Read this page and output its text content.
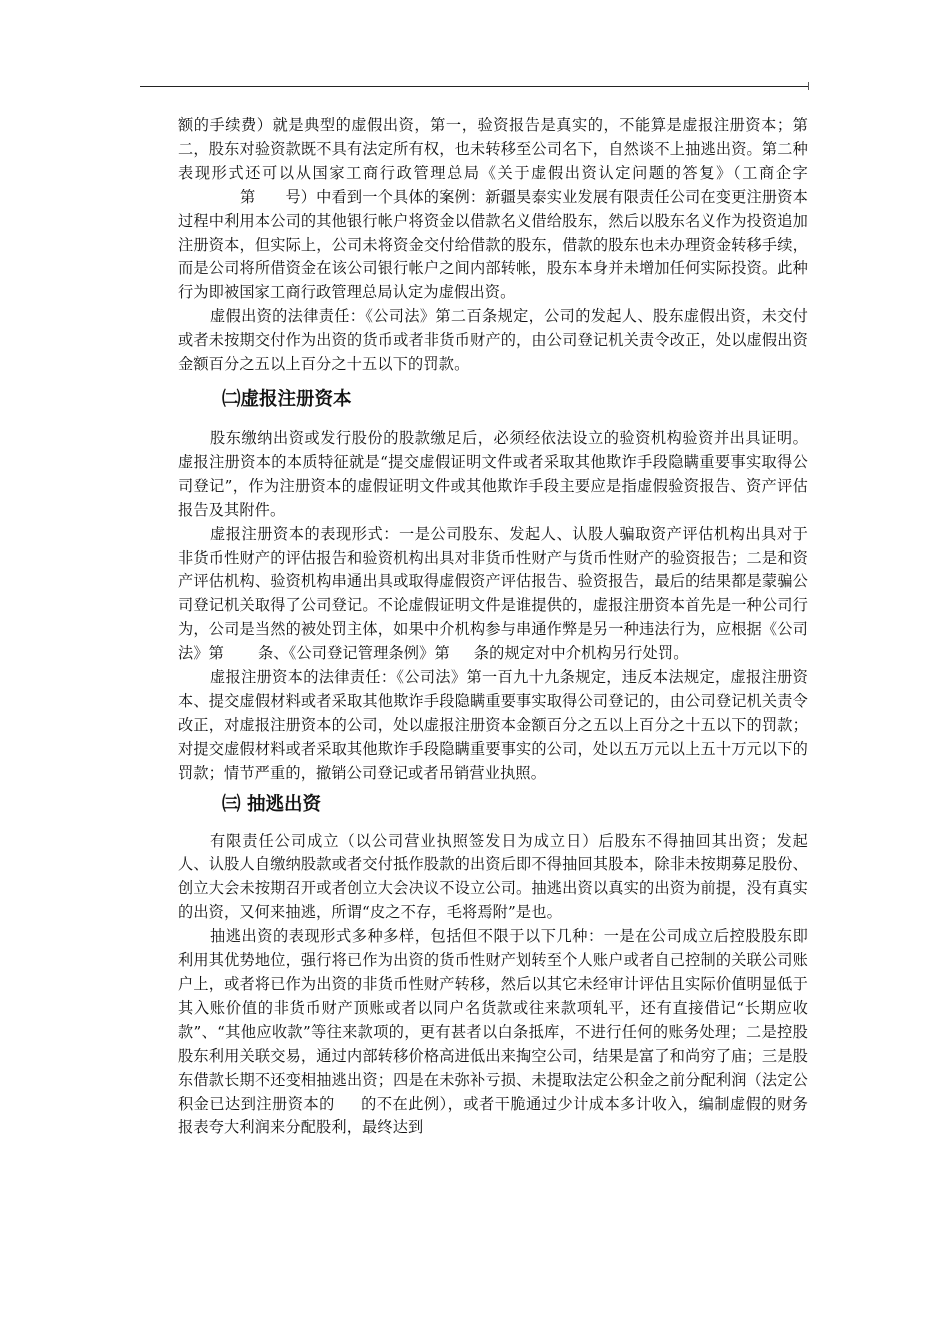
额的手续费）就是典型的虚假出资，第一，验资报告是真实的，不能算是虚报注册资本；第二，股东对验资款既不具有法定所有权，也未转移至公司名下，自然谈不上抽逃出资。第二种表现形式还可以从国家工商行政管理总局《关于虚假出资认定问题的答复》（工商企字第 号）中看到一个具体的案例：新疆昊泰实业发展有限责任公司在变更注册资本过程中利用本公司的其他银行帐户将资金以借款名义借给股东，然后以股东名义作为投资追加注册资本，但实际上，公司未将资金交付给借款的股东，借款的股东也未办理资金转移手续，而是公司将所借资金在该公司银行帐户之间内部转帐，股东本身并未增加任何实际投资。此种行为即被国家工商行政管理总局认定为虚假出资。

虚假出资的法律责任：《公司法》第二百条规定，公司的发起人、股东虚假出资，未交付或者未按期交付作为出资的货币或者非货币财产的，由公司登记机关责令改正，处以虚假出资金额百分之五以上百分之十五以下的罚款。

㈡虚报注册资本

股东缴纳出资或发行股份的股款缴足后，必须经依法设立的验资机构验资并出具证明。虚报注册资本的本质特征就是“提交虚假证明文件或者采取其他欺诈手段隐瞒重要事实取得公司登记”，作为注册资本的虚假证明文件或其他欺诈手段主要应是指虚假验资报告、资产评估报告及其附件。

虚报注册资本的表现形式：一是公司股东、发起人、认股人骗取资产评估机构出具对于非货币性财产的评估报告和验资机构出具对非货币性财产与货币性财产的验资报告；二是和资产评估机构、验资机构串通出具或取得虚假资产评估报告、验资报告，最后的结果都是蒙骗公司登记机关取得了公司登记。不论虚假证明文件是谁提供的，虚报注册资本首先是一种公司行为，公司是当然的被处罚主体，如果中介机构参与串通作弊是另一种违法行为，应根据《公司法》第 条、《公司登记管理条例》第 条的规定对中介机构另行处罚。

虚报注册资本的法律责任：《公司法》第一百九十九条规定，违反本法规定，虚报注册资本、提交虚假材料或者采取其他欺诈手段隐瞒重要事实取得公司登记的，由公司登记机关责令改正，对虚报注册资本的公司，处以虚报注册资本金额百分之五以上百分之十五以下的罚款；对提交虚假材料或者采取其他欺诈手段隐瞒重要事实的公司，处以五万元以上五十万元以下的罚款；情节严重的，撤销公司登记或者吊销营业执照。

㈢ 抽逃出资

有限责任公司成立（以公司营业执照签发日为成立日）后股东不得抽回其出资；发起人、认股人自缴纳股款或者交付抵作股款的出资后即不得抽回其股本，除非未按期募足股份、创立大会未按期召开或者创立大会决议不设立公司。抽逃出资以真实的出资为前提，没有真实的出资，又何来抽逃，所谓“皮之不存，毛将焉附”是也。

抽逃出资的表现形式多种多样，包括但不限于以下几种：一是在公司成立后控股股东即利用其优势地位，强行将已作为出资的货币性财产划转至个人账户或者自己控制的关联公司账户上，或者将已作为出资的非货币性财产转移，然后以其它未经审计评估且实际价值明显低于其入账价值的非货币财产顶账或者以同户名货款或往来款项轧平，还有直接借记“长期应收款”、“其他应收款”等往来款项的，更有甚者以白条抵库，不进行任何的账务处理；二是控股股东利用关联交易，通过内部转移价格高进低出来掏空公司，结果是富了和尚穷了庙；三是股东借款长期不还变相抽逃出资；四是在未弥补亏损、未提取法定公积金之前分配利润（法定公积金已达到注册资本的 的不在此例），或者干脆通过少计成本多计收入，编制虚假的财务报表夸大利润来分配股利，最终达到
